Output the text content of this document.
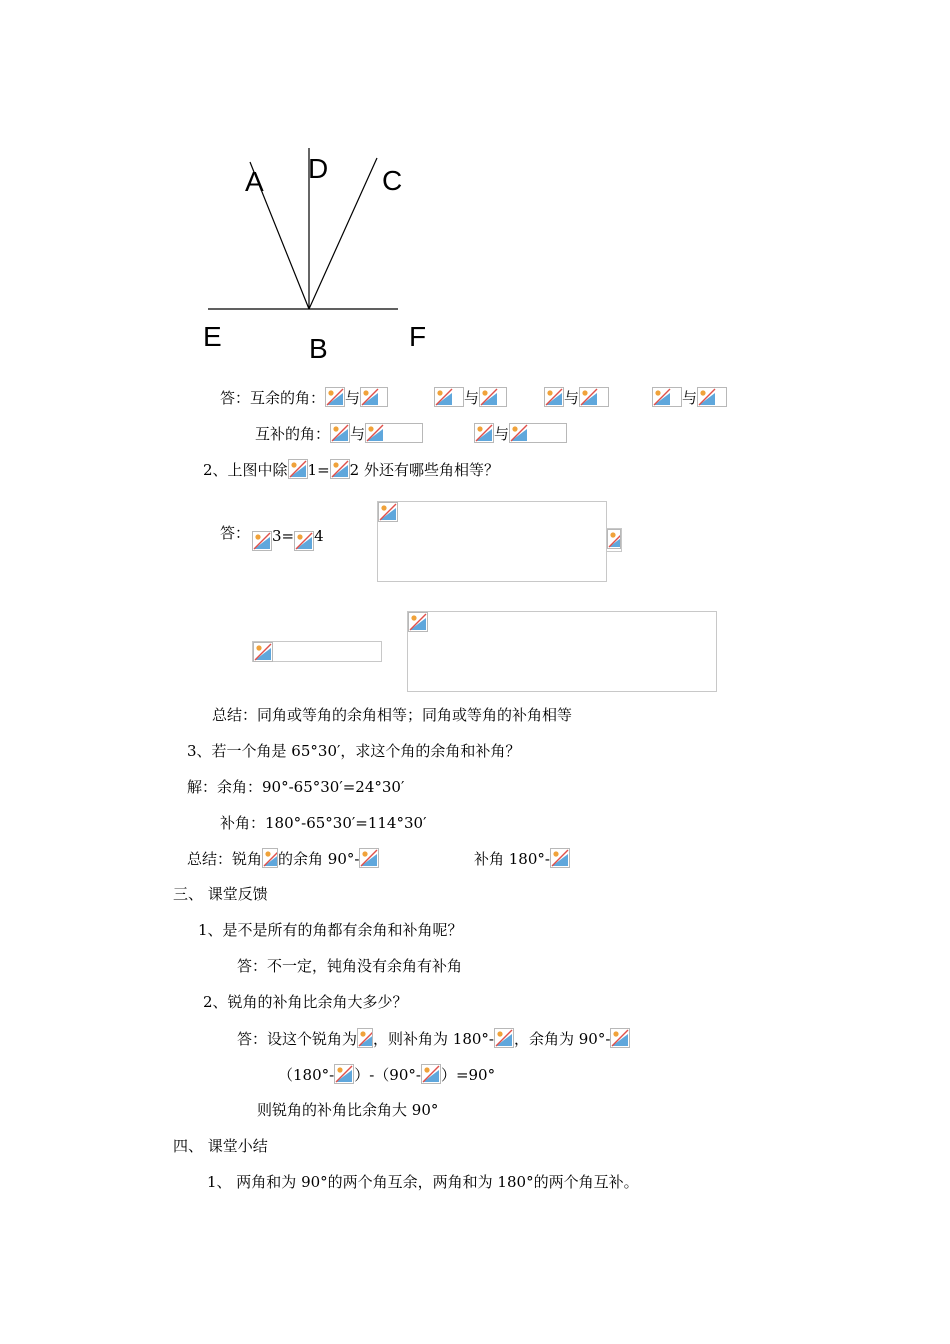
A D C
E	B	F
答：互余的角： 与	与	与	与
互补的角： 与	与
2、上图中除 1= 2 外还有哪些角相等？
答：	3= 4
总结：同角或等角的余角相等；同角或等角的补角相等
3、若一个角是 65°30′，求这个角的余角和补角？
解：余角：90°-65°30′=24°30′
补角：180°-65°30′=114°30′
总结：锐角 的余角 90°-	补角 180°-
三、 课堂反馈
1、是不是所有的角都有余角和补角呢？
答：不一定，钝角没有余角有补角
2、锐角的补角比余角大多少？
答：设这个锐角为 ，则补角为 180°- ，余角为 90°-
（180°- ）-（90°- ）=90°
则锐角的补角比余角大 90°
四、 课堂小结
1、 两角和为 90°的两个角互余，两角和为 180°的两个角互补。
